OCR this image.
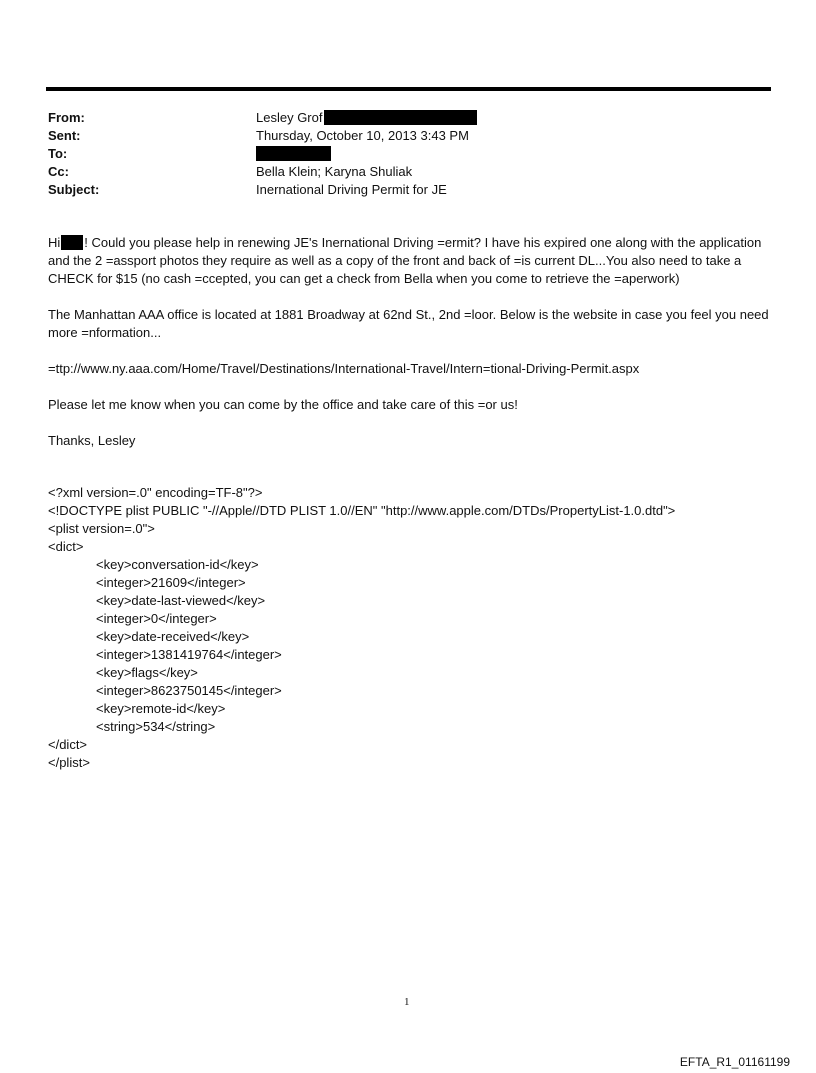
From:	Lesley Grof
Sent:	Thursday, October 10, 2013 3:43 PM
To:
Cc:	Bella Klein; Karyna Shuliak
Subject:	Inernational Driving Permit for JE

Hi ! Could you please help in renewing JE's Inernational Driving =ermit? I have his expired one along with the application and the 2 =assport photos they require as well as a copy of the front and back of =is current DL...You also need to take a CHECK for $15 (no cash =ccepted, you can get a check from Bella when you come to retrieve the =aperwork)

The Manhattan AAA office is located at 1881 Broadway at 62nd St., 2nd =loor. Below is the website in case you feel you need more =nformation...

=ttp://www.ny.aaa.com/Home/Travel/Destinations/International-Travel/Intern=tional-Driving-Permit.aspx

Please let me know when you can come by the office and take care of this =or us!

Thanks, Lesley

<?xml version=.0" encoding=TF-8"?>
<!DOCTYPE plist PUBLIC "-//Apple//DTD PLIST 1.0//EN" "http://www.apple.com/DTDs/PropertyList-1.0.dtd">
<plist version=.0">
<dict>
<key>conversation-id</key>
<integer>21609</integer>
<key>date-last-viewed</key>
<integer>0</integer>
<key>date-received</key>
<integer>1381419764</integer>
<key>flags</key>
<integer>8623750145</integer>
<key>remote-id</key>
<string>534</string>
</dict>
</plist>
1
EFTA_R1_01161199
